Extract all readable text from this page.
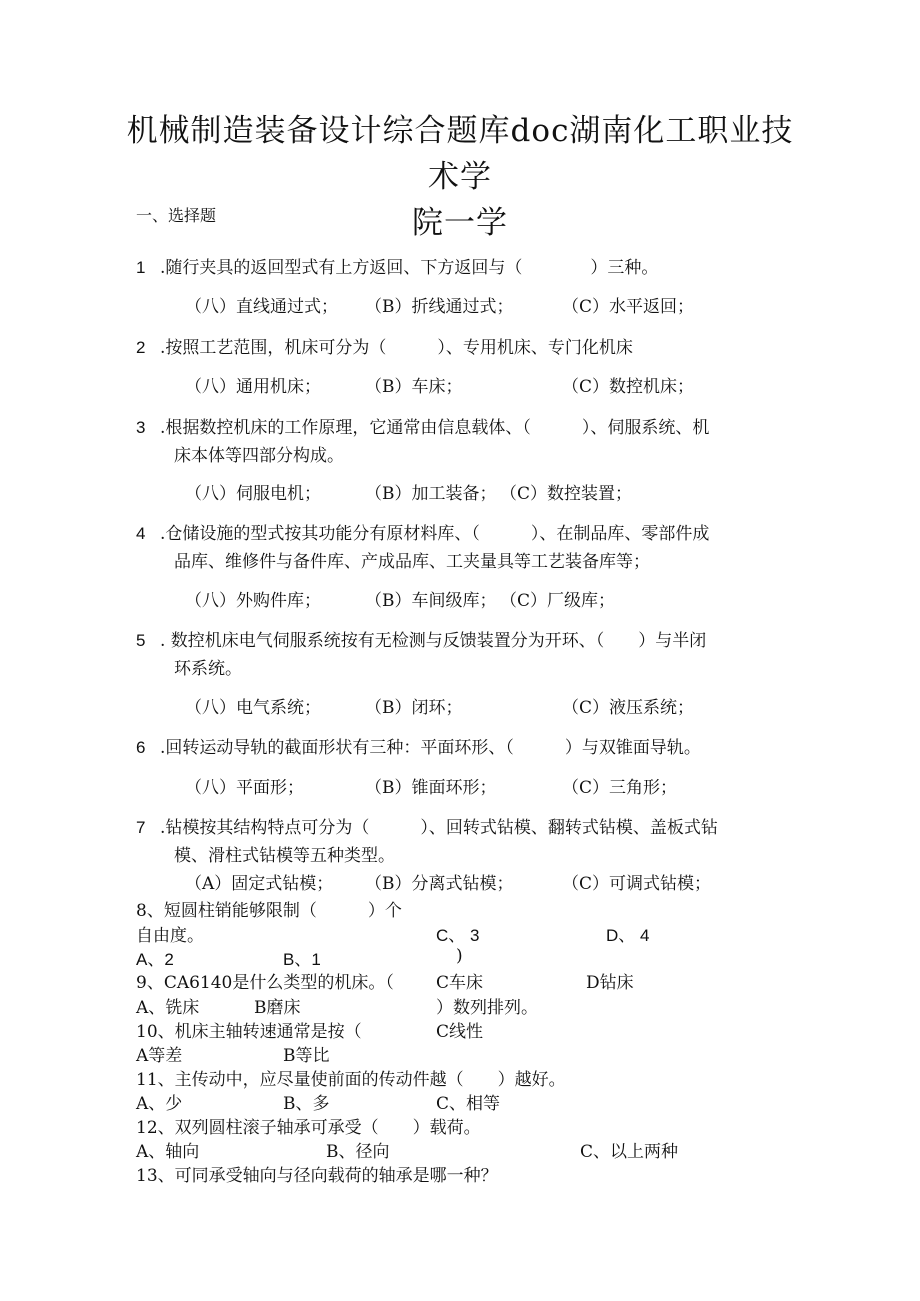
机械制造装备设计综合题库doc湖南化工职业技术学
院一学
一、选择题
1 .随行夹具的返回型式有上方返回、下方返回与（　　　　）三种。
（八）直线通过式； （B）折线通过式；	（C）水平返回；
2 .按照工艺范围，机床可分为（　　　）、专用机床、专门化机床
（八）通用机床；	（B）车床；	（C）数控机床；
3 .根据数控机床的工作原理，它通常由信息载体、（　　　）、伺服系统、机
床本体等四部分构成。
（八）伺服电机；	（B）加工装备； （C）数控装置；
4 .仓储设施的型式按其功能分有原材料库、（　　　）、在制品库、零部件成
品库、维修件与备件库、产成品库、工夹量具等工艺装备库等；
（八）外购件库；	（B）车间级库； （C）厂级库；
5 . 数控机床电气伺服系统按有无检测与反馈装置分为开环、（　　）与半闭
环系统。
（八）电气系统；	（B）闭环；	（C）液压系统；
6 .回转运动导轨的截面形状有三种：平面环形、（　　　）与双锥面导轨。
（八）平面形；	（B）锥面环形；	（C）三角形；
7 .钻模按其结构特点可分为（　　　）、回转式钻模、翻转式钻模、盖板式钻
模、滑柱式钻模等五种类型。
（A）固定式钻模； （B）分离式钻模；	（C）可调式钻模；
8、短圆柱销能够限制（　　　）个
自由度。	C、 3	D、 4
A、2	B、1	)
9、CA6140是什么类型的机床。（ C车床	D钻床
A、铣床	B磨床	）数列排列。
10、机床主轴转速通常是按（	C线性
A等差	B等比
11、主传动中，应尽量使前面的传动件越（　　）越好。
A、少	B、多	C、相等
12、双列圆柱滚子轴承可承受（　　）载荷。
A、轴向	B、径向	C、以上两种
13、可同承受轴向与径向载荷的轴承是哪一种？
